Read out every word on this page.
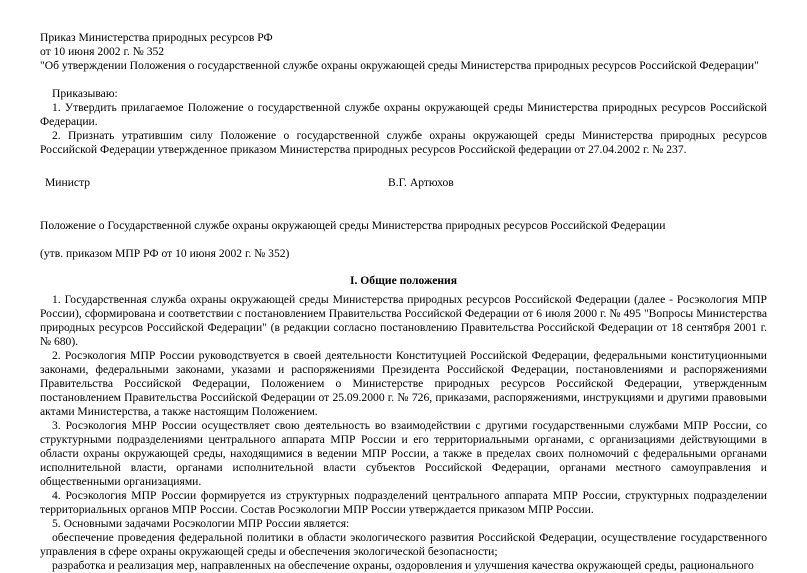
Приказ Министерства природных ресурсов РФ
от 10 июня 2002 г. № 352
"Об утверждении Положения о государственной службе охраны окружающей среды Министерства природных ресурсов Российской Федерации"

Приказываю:

1. Утвердить прилагаемое Положение о государственной службе охраны окружающей среды Министерства природных ресурсов Российской Федерации.

2. Признать утратившим силу Положение о государственной службе охраны окружающей среды Министерства природных ресурсов Российской Федерации утвержденное приказом Министерства природных ресурсов Российской федерации от 27.04.2002 г. № 237.

Министр	В.Г. Артюхов
Положение о Государственной службе охраны окружающей среды Министерства природных ресурсов Российской Федерации
(утв. приказом МПР РФ от 10 июня 2002 г. № 352)

I. Общие положения

1. Государственная служба охраны окружающей среды Министерства природных ресурсов Российской Федерации (далее - Росэкология МПР России), сформирована и соответствии с постановлением Правительства Российской Федерации от 6 июля 2000 г. № 495 "Вопросы Министерства природных ресурсов Российской Федерации" (в редакции согласно постановлению Правительства Российской Федерации от 18 сентября 2001 г. № 680).

2. Росэкология МПР России руководствуется в своей деятельности Конституцией Российской Федерации, федеральными конституционными законами, федеральными законами, указами и распоряжениями Президента Российской Федерации, постановлениями и распоряжениями Правительства Российской Федерации, Положением о Министерстве природных ресурсов Российской Федерации, утвержденным постановлением Правительства Российской Федерации от 25.09.2000 г. № 726, приказами, распоряжениями, инструкциями и другими правовыми актами Министерства, а также настоящим Положением.

3. Росэкология МНР России осуществляет свою деятельность во взаимодействии с другими государственными службами МПР России, со структурными подразделениями центрального аппарата МПР России и его территориальными органами, с организациями действующими в области охраны окружающей среды, находящимися в ведении МПР России, а также в пределах своих полномочий с федеральными органами исполнительной власти, органами исполнительной власти субъектов Российской Федерации, органами местного самоуправления и общественными организациями.

4. Росэкология МПР России формируется из структурных подразделений центрального аппарата МПР России, структурных подразделении территориальных органов МПР России. Состав Росэкологии МПР России утверждается приказом МПР России.

5. Основными задачами Росэкологии МПР России является:

обеспечение проведения федеральной политики в области экологического развития Российской Федерации, осуществление государственного управления в сфере охраны окружающей среды и обеспечения экологической безопасности;

разработка и реализация мер, направленных на обеспечение охраны, оздоровления и улучшения качества окружающей среды, рационального
